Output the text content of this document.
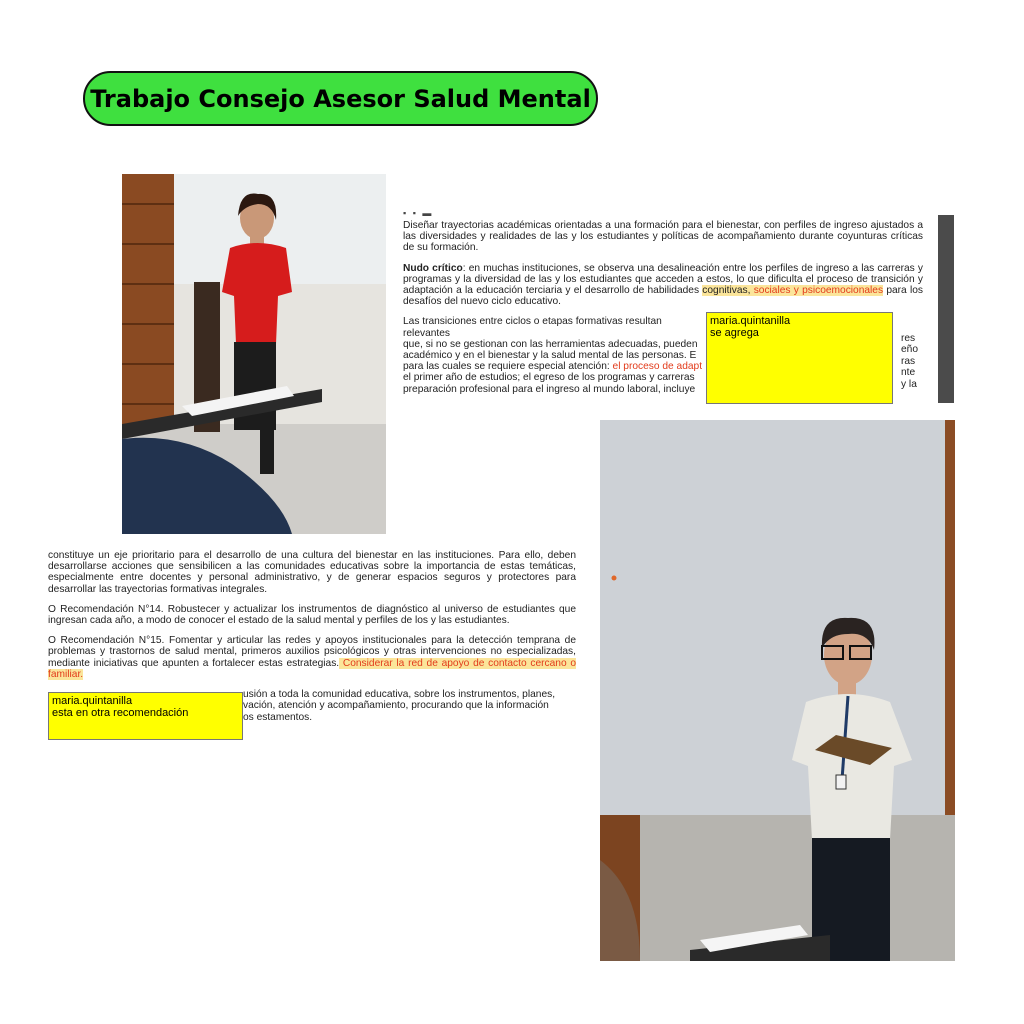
Trabajo Consejo Asesor Salud Mental
▪ ▪ ▬

Diseñar trayectorias académicas orientadas a una formación para el bienestar, con perfiles de ingreso ajustados a las diversidades y realidades de las y los estudiantes y políticas de acompañamiento durante coyunturas críticas de su formación.

Nudo crítico: en muchas instituciones, se observa una desalineación entre los perfiles de ingreso a las carreras y programas y la diversidad de las y los estudiantes que acceden a estos, lo que dificulta el proceso de transición y adaptación a la educación terciaria y el desarrollo de habilidades cognitivas, sociales y psicoemocionales para los desafíos del nuevo ciclo educativo.

Las transiciones entre ciclos o etapas formativas resultan relevantes
que, si no se gestionan con las herramientas adecuadas, pueden
académico y en el bienestar y la salud mental de las personas. E
para las cuales se requiere especial atención: el proceso de adapt
el primer año de estudios; el egreso de los programas y carreras
preparación profesional para el ingreso al mundo laboral, incluye
res
eño
ras
nte
y la
maria.quintanilla
se agrega

constituye un eje prioritario para el desarrollo de una cultura del bienestar en las instituciones. Para ello, deben desarrollarse acciones que sensibilicen a las comunidades educativas sobre la importancia de estas temáticas, especialmente entre docentes y personal administrativo, y de generar espacios seguros y protectores para desarrollar las trayectorias formativas integrales.

O Recomendación N°14. Robustecer y actualizar los instrumentos de diagnóstico al universo de estudiantes que ingresan cada año, a modo de conocer el estado de la salud mental y perfiles de los y las estudiantes.

O Recomendación N°15. Fomentar y articular las redes y apoyos institucionales para la detección temprana de problemas y trastornos de salud mental, primeros auxilios psicológicos y otras intervenciones no especializadas, mediante iniciativas que apunten a fortalecer estas estrategias. Considerar la red de apoyo de contacto cercano o familiar.

usión a toda la comunidad educativa, sobre los instrumentos, planes,
vación, atención y acompañamiento, procurando que la información
os estamentos.
maria.quintanilla
esta en otra recomendación
